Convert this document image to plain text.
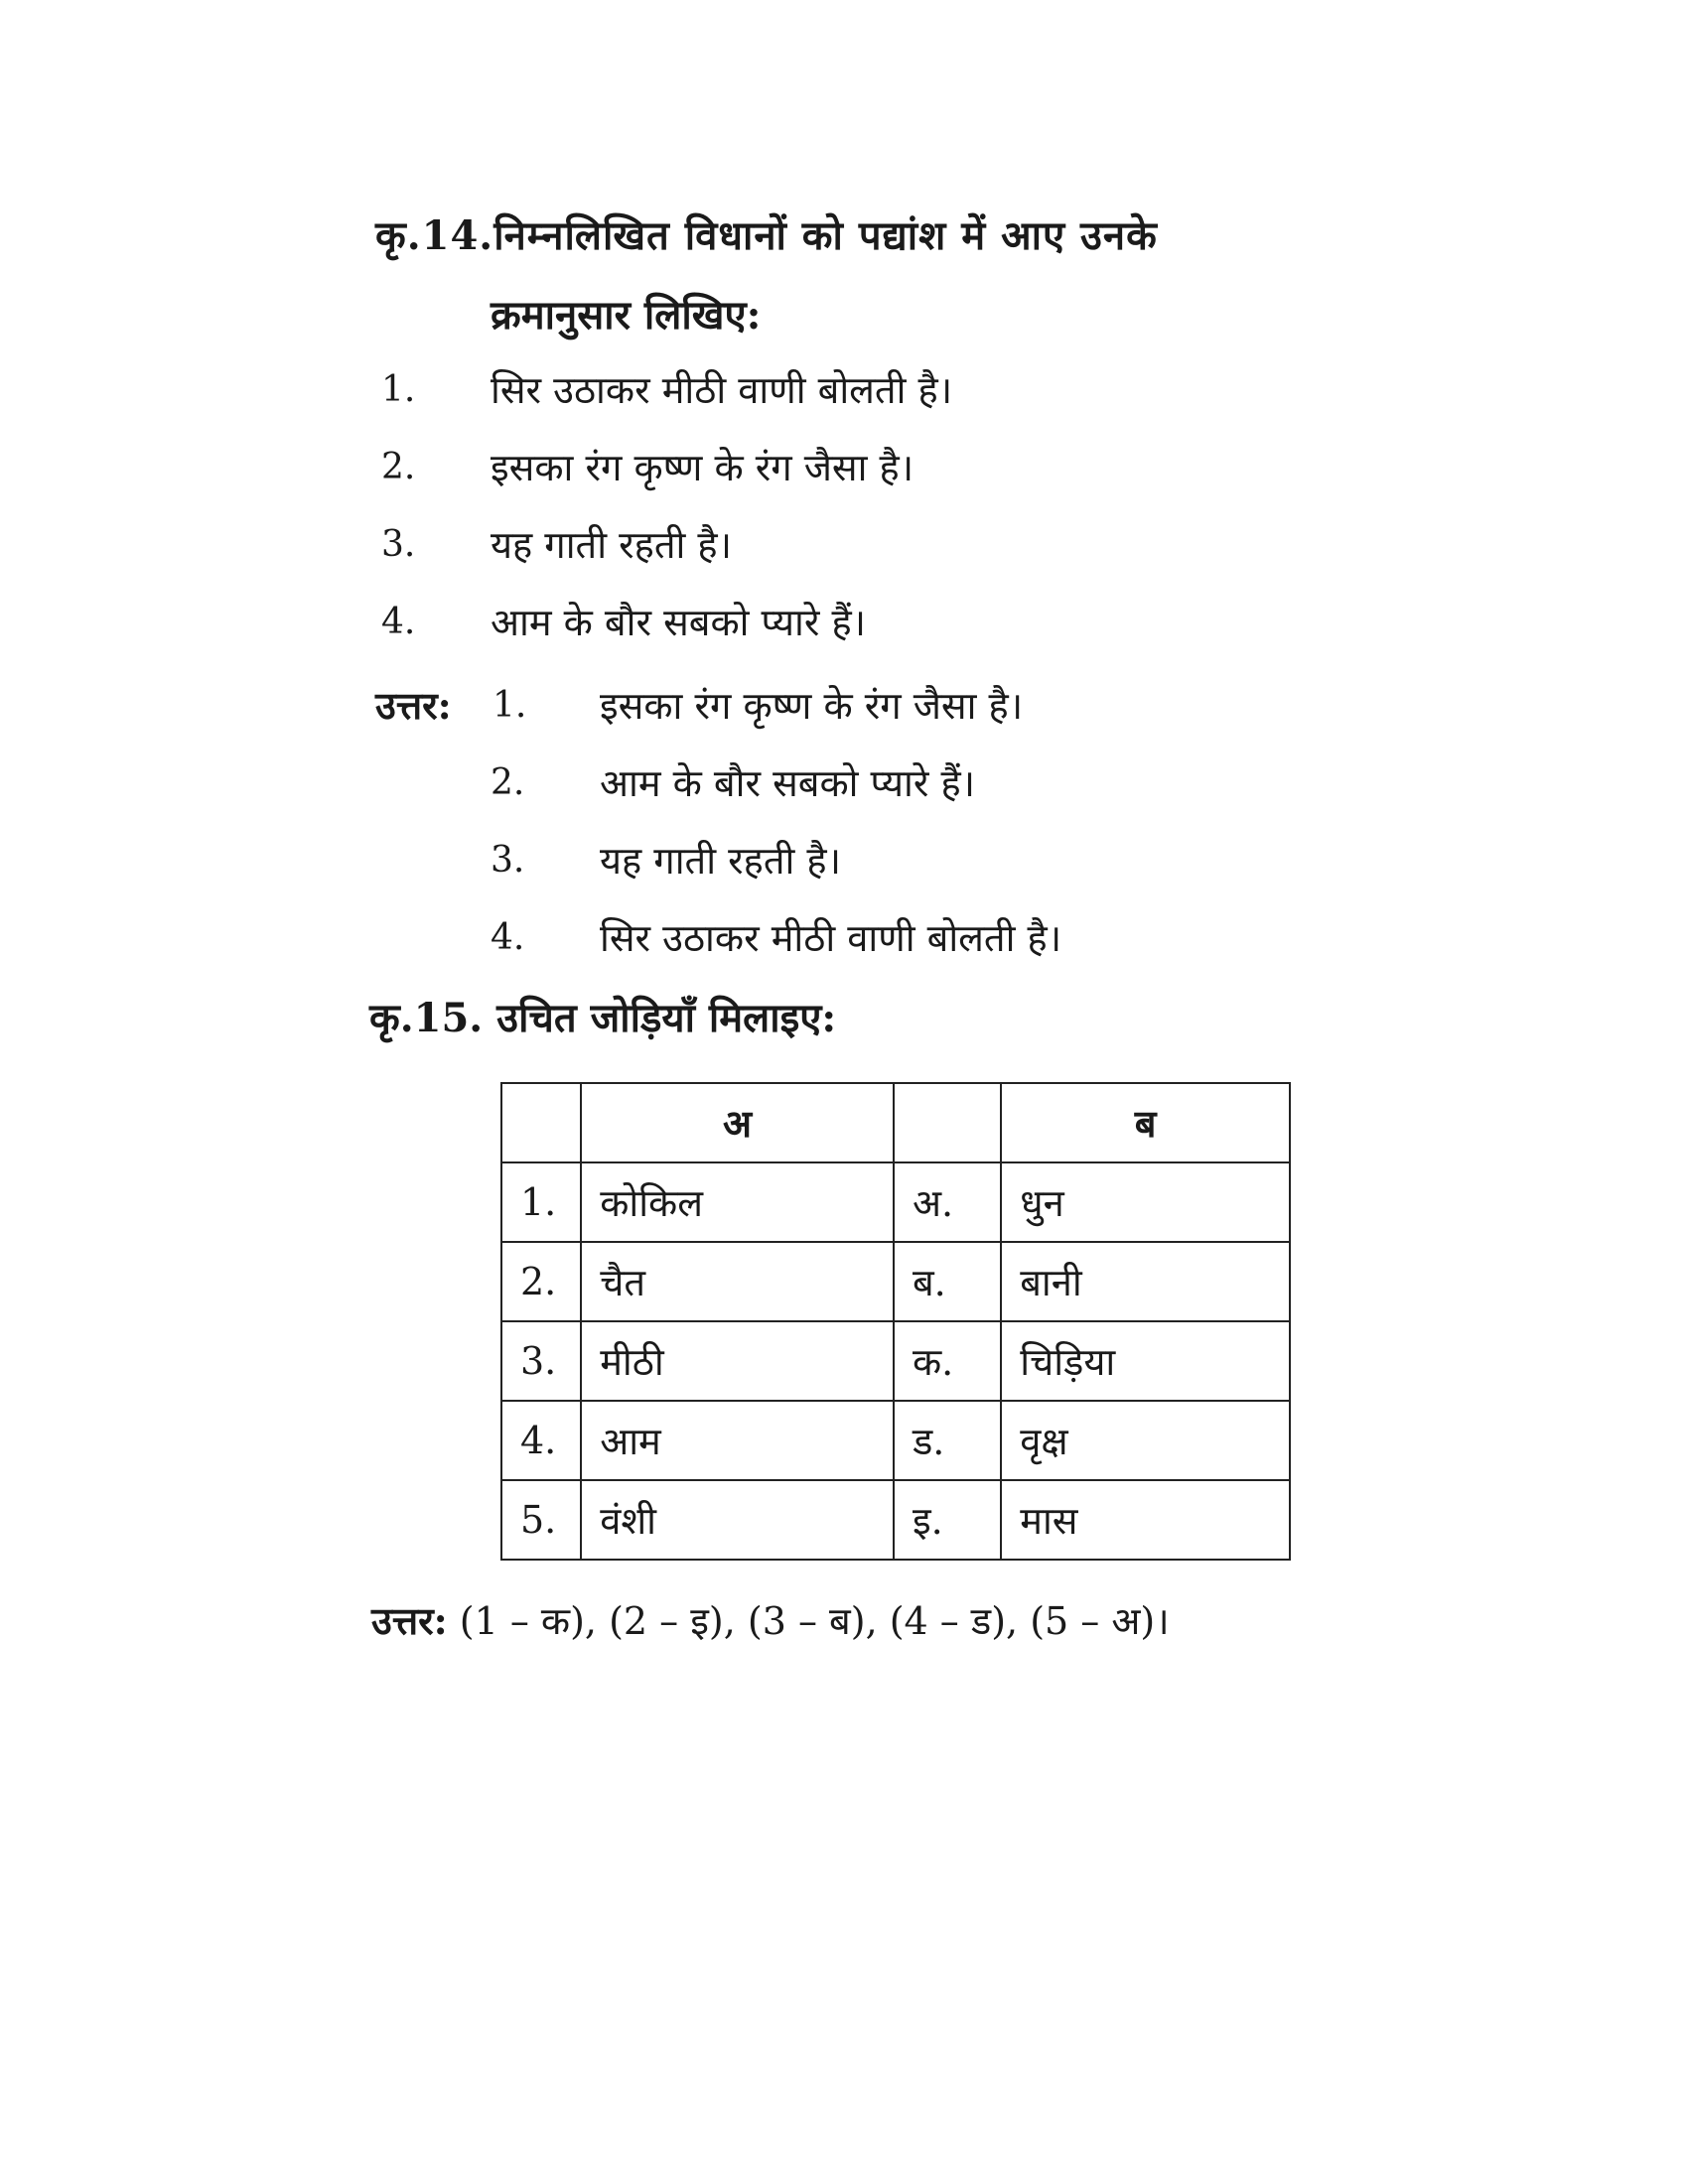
कृ.14.निम्नलिखित विधानों को पद्यांश में आए उनके
क्रमानुसार लिखिए:
1. सिर उठाकर मीठी वाणी बोलती है।
2. इसका रंग कृष्ण के रंग जैसा है।
3. यह गाती रहती है।
4. आम के बौर सबको प्यारे हैं।
उत्तर: 1. इसका रंग कृष्ण के रंग जैसा है।
2. आम के बौर सबको प्यारे हैं।
3. यह गाती रहती है।
4. सिर उठाकर मीठी वाणी बोलती है।
कृ.15. उचित जोड़ियाँ मिलाइए:
	अ		ब
1.	कोकिल	अ.	धुन
2.	चैत	ब.	बानी
3.	मीठी	क.	चिड़िया
4.	आम	ड.	वृक्ष
5.	वंशी	इ.	मास
उत्तर: (1 – क), (2 – इ), (3 – ब), (4 – ड), (5 – अ)।
